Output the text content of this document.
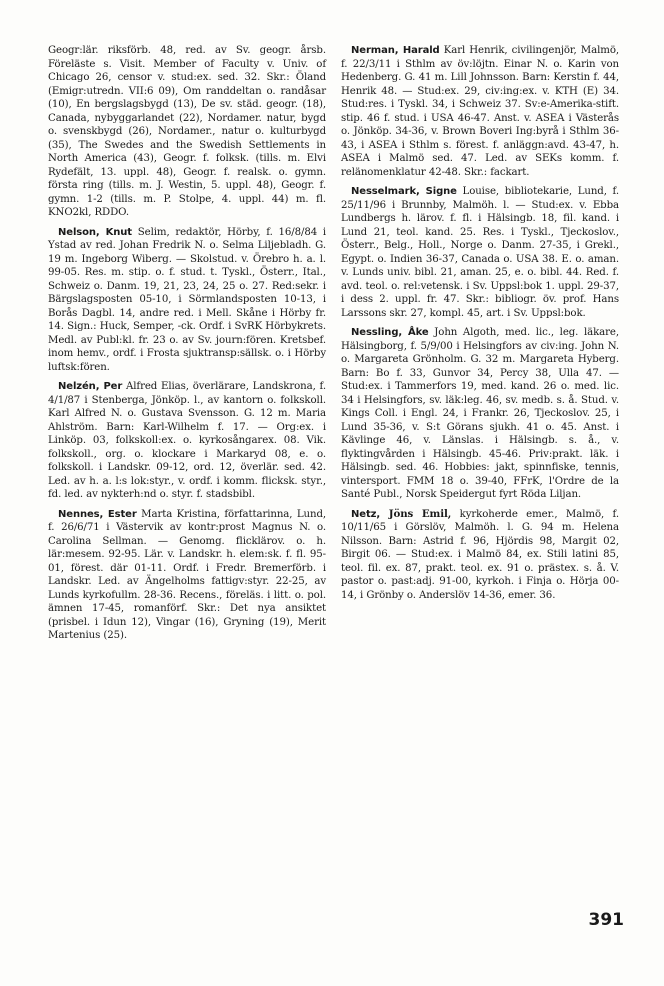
Geogr:lär. riksförb. 48, red. av Sv. geogr. årsb. Föreläste s. Visit. Member of Faculty v. Univ. of Chicago 26, censor v. stud:ex. sed. 32. Skr.: Öland (Emigr:utredn. VII:6 09), Om randdeltan o. randåsar (10), En bergslagsbygd (13), De sv. städ. geogr. (18), Canada, nybyggarlandet (22), Nordamer. natur, bygd o. svenskbygd (26), Nordamer., natur o. kulturbygd (35), The Swedes and the Swedish Settlements in North America (43), Geogr. f. folksk. (tills. m. Elvi Rydefält, 13. uppl. 48), Geogr. f. realsk. o. gymn. första ring (tills. m. J. Westin, 5. uppl. 48), Geogr. f. gymn. 1-2 (tills. m. P. Stolpe, 4. uppl. 44) m. fl. KNO2kl, RDDO.

Nelson, Knut Selim, redaktör, Hörby, f. 16/8/84 i Ystad av red. Johan Fredrik N. o. Selma Liljebladh. G. 19 m. Ingeborg Wiberg. — Skolstud. v. Örebro h. a. l. 99-05. Res. m. stip. o. f. stud. t. Tyskl., Österr., Ital., Schweiz o. Danm. 19, 21, 23, 24, 25 o. 27. Red:sekr. i Bärgslagsposten 05-10, i Sörmlandsposten 10-13, i Borås Dagbl. 14, andre red. i Mell. Skåne i Hörby fr. 14. Sign.: Huck, Semper, -ck. Ordf. i SvRK Hörbykrets. Medl. av Publ:kl. fr. 23 o. av Sv. journ:fören. Kretsbef. inom hemv., ordf. i Frosta sjuktransp:sällsk. o. i Hörby luftsk:fören.

Nelzén, Per Alfred Elias, överlärare, Landskrona, f. 4/1/87 i Stenberga, Jönköp. l., av kantorn o. folkskoll. Karl Alfred N. o. Gustava Svensson. G. 12 m. Maria Ahlström. Barn: Karl-Wilhelm f. 17. — Org:ex. i Linköp. 03, folkskoll:ex. o. kyrkosångarex. 08. Vik. folkskoll., org. o. klockare i Markaryd 08, e. o. folkskoll. i Landskr. 09-12, ord. 12, överlär. sed. 42. Led. av h. a. l:s lok:styr., v. ordf. i komm. flicksk. styr., fd. led. av nykterh:nd o. styr. f. stadsbibl.

Nennes, Ester Marta Kristina, författarinna, Lund, f. 26/6/71 i Västervik av kontr:prost Magnus N. o. Carolina Sellman. — Genomg. flicklärov. o. h. lär:mesem. 92-95. Lär. v. Landskr. h. elem:sk. f. fl. 95-01, förest. där 01-11. Ordf. i Fredr. Bremerförb. i Landskr. Led. av Ängelholms fattigv:styr. 22-25, av Lunds kyrkofullm. 28-36. Recens., föreläs. i litt. o. pol. ämnen 17-45, romanförf. Skr.: Det nya ansiktet (prisbel. i Idun 12), Vingar (16), Gryning (19), Merit Martenius (25).

Nerman, Harald Karl Henrik, civilingenjör, Malmö, f. 22/3/11 i Sthlm av öv:löjtn. Einar N. o. Karin von Hedenberg. G. 41 m. Lill Johnsson. Barn: Kerstin f. 44, Henrik 48. — Stud:ex. 29, civ:ing:ex. v. KTH (E) 34. Stud:res. i Tyskl. 34, i Schweiz 37. Sv:e-Amerika-stift. stip. 46 f. stud. i USA 46-47. Anst. v. ASEA i Västerås o. Jönköp. 34-36, v. Brown Boveri Ing:byrå i Sthlm 36-43, i ASEA i Sthlm s. förest. f. anläggn:avd. 43-47, h. ASEA i Malmö sed. 47. Led. av SEKs komm. f. relänomenklatur 42-48. Skr.: fackart.

Nesselmark, Signe Louise, bibliotekarie, Lund, f. 25/11/96 i Brunnby, Malmöh. l. — Stud:ex. v. Ebba Lundbergs h. lärov. f. fl. i Hälsingb. 18, fil. kand. i Lund 21, teol. kand. 25. Res. i Tyskl., Tjeckoslov., Österr., Belg., Holl., Norge o. Danm. 27-35, i Grekl., Egypt. o. Indien 36-37, Canada o. USA 38. E. o. aman. v. Lunds univ. bibl. 21, aman. 25, e. o. bibl. 44. Red. f. avd. teol. o. rel:vetensk. i Sv. Uppsl:bok 1. uppl. 29-37, i dess 2. uppl. fr. 47. Skr.: bibliogr. öv. prof. Hans Larssons skr. 27, kompl. 45, art. i Sv. Uppsl:bok.

Nessling, Åke John Algoth, med. lic., leg. läkare, Hälsingborg, f. 5/9/00 i Helsingfors av civ:ing. John N. o. Margareta Grönholm. G. 32 m. Margareta Hyberg. Barn: Bo f. 33, Gunvor 34, Percy 38, Ulla 47. — Stud:ex. i Tammerfors 19, med. kand. 26 o. med. lic. 34 i Helsingfors, sv. läk:leg. 46, sv. medb. s. å. Stud. v. Kings Coll. i Engl. 24, i Frankr. 26, Tjeckoslov. 25, i Lund 35-36, v. S:t Görans sjukh. 41 o. 45. Anst. i Kävlinge 46, v. Länslas. i Hälsingb. s. å., v. flyktingvården i Hälsingb. 45-46. Priv:prakt. läk. i Hälsingb. sed. 46. Hobbies: jakt, spinnfiske, tennis, vintersport. FMM 18 o. 39-40, FFrK, l'Ordre de la Santé Publ., Norsk Speidergut fyrt Röda Liljan.

Netz, Jöns Emil, kyrkoherde emer., Malmö, f. 10/11/65 i Görslöv, Malmöh. l. G. 94 m. Helena Nilsson. Barn: Astrid f. 96, Hjördis 98, Margit 02, Birgit 06. — Stud:ex. i Malmö 84, ex. Stili latini 85, teol. fil. ex. 87, prakt. teol. ex. 91 o. prästex. s. å. V. pastor o. past:adj. 91-00, kyrkoh. i Finja o. Hörja 00-14, i Grönby o. Anderslöv 14-36, emer. 36.

391
